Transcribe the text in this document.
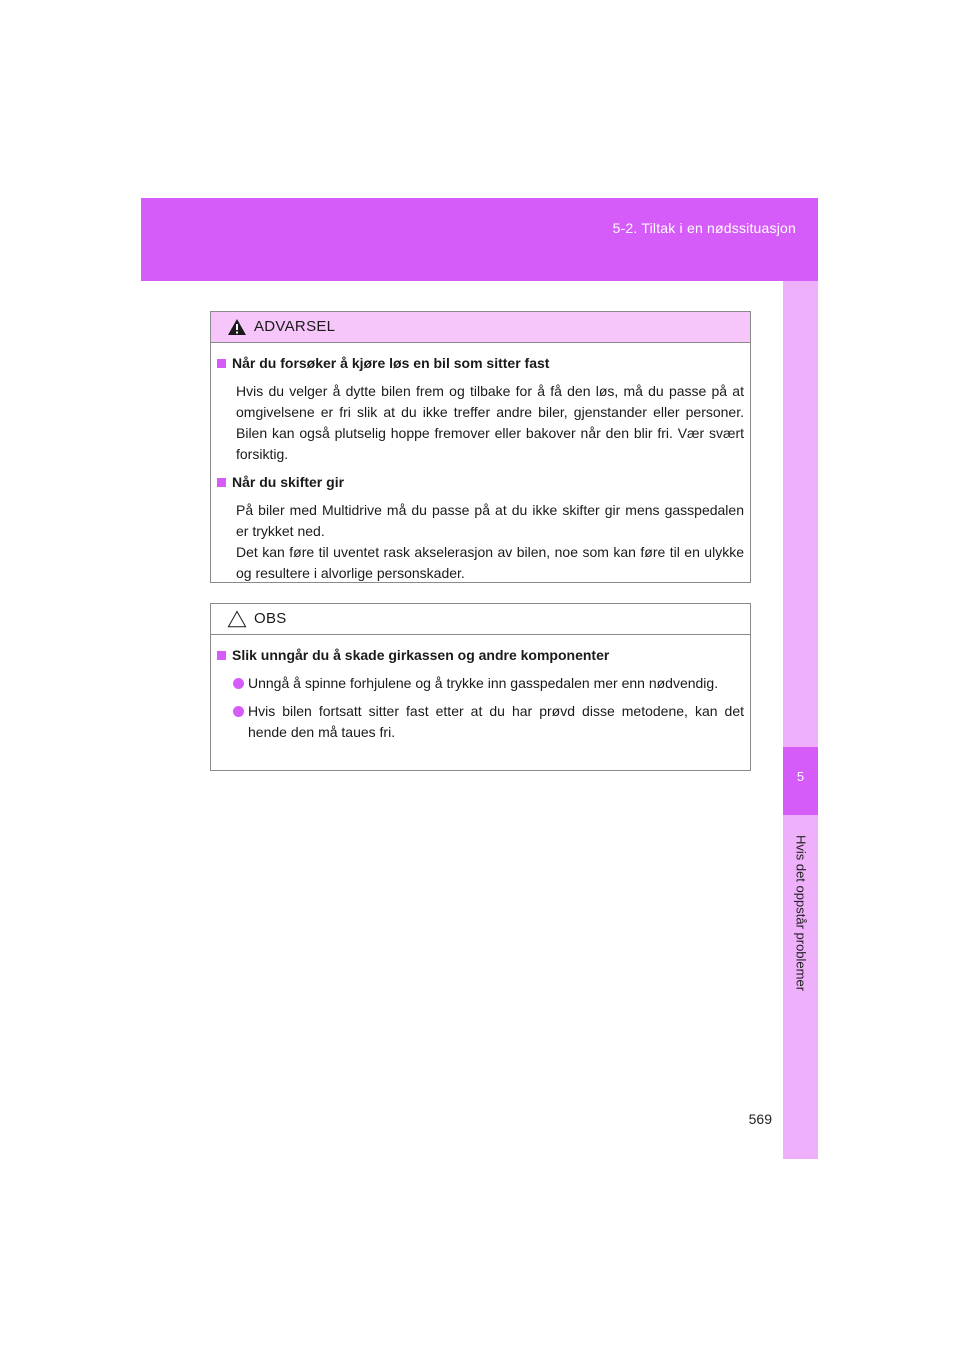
5-2. Tiltak i en nødssituasjon
5
Hvis det oppstår problemer
ADVARSEL
Når du forsøker å kjøre løs en bil som sitter fast
Hvis du velger å dytte bilen frem og tilbake for å få den løs, må du passe på at omgivelsene er fri slik at du ikke treffer andre biler, gjenstander eller personer. Bilen kan også plutselig hoppe fremover eller bakover når den blir fri. Vær svært forsiktig.
Når du skifter gir
På biler med Multidrive må du passe på at du ikke skifter gir mens gasspedalen er trykket ned.
Det kan føre til uventet rask akselerasjon av bilen, noe som kan føre til en ulykke og resultere i alvorlige personskader.
OBS
Slik unngår du å skade girkassen og andre komponenter
Unngå å spinne forhjulene og å trykke inn gasspedalen mer enn nødvendig.
Hvis bilen fortsatt sitter fast etter at du har prøvd disse metodene, kan det hende den må taues fri.
569
